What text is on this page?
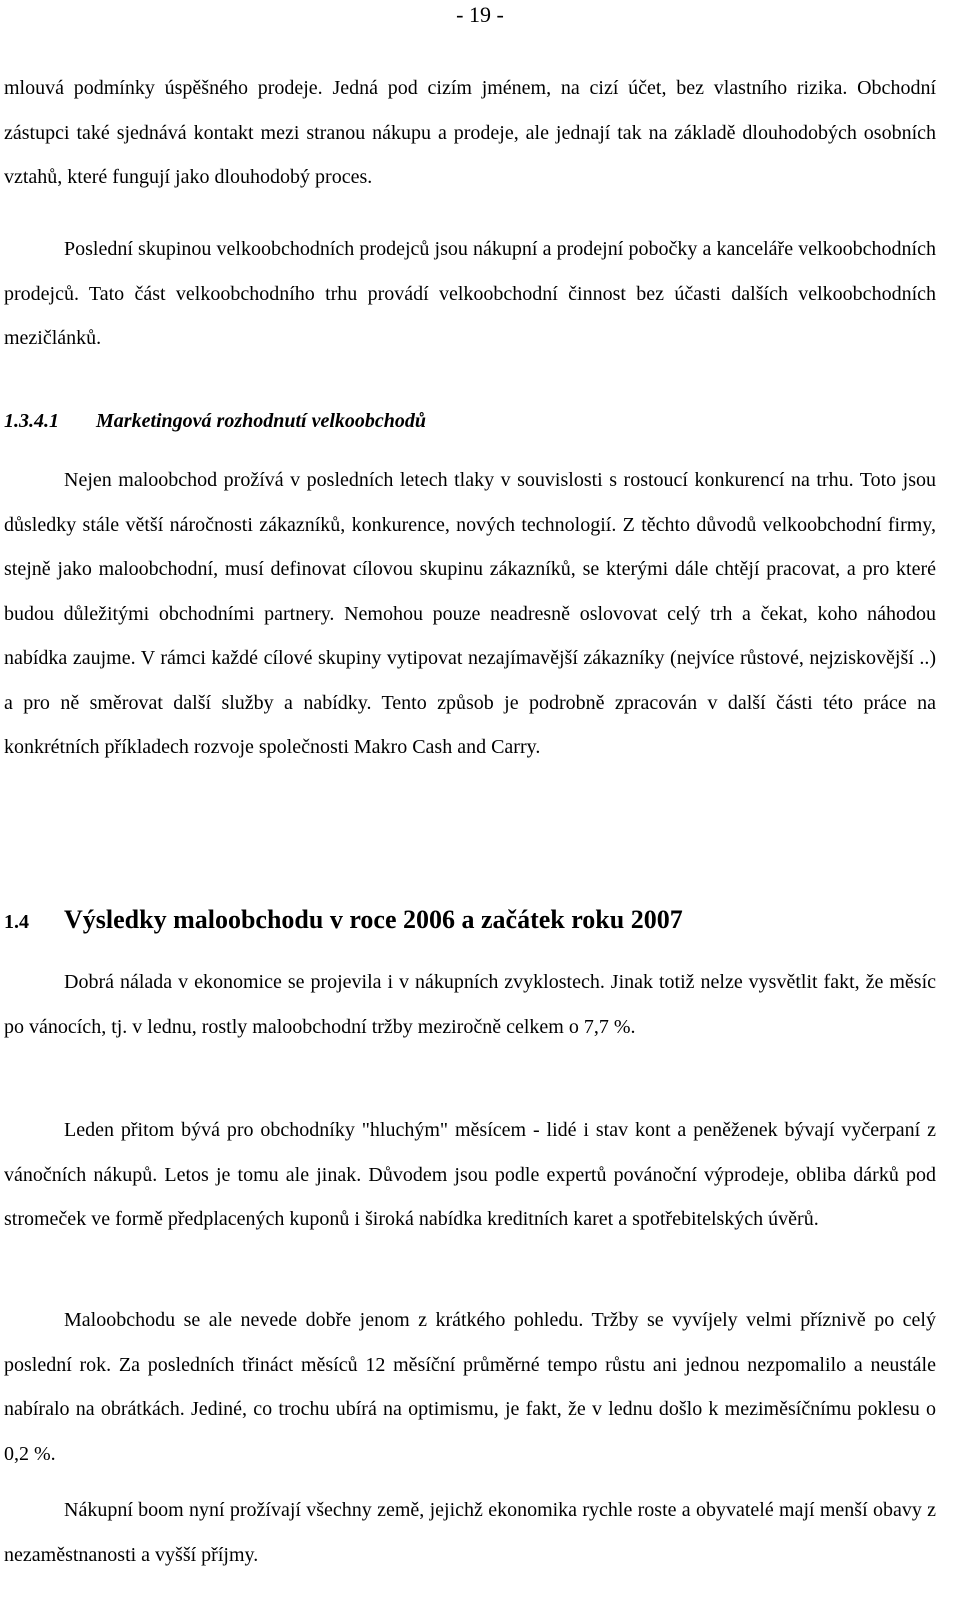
- 19 -

mlouvá podmínky úspěšného prodeje. Jedná pod cizím jménem, na cizí účet, bez vlastního rizika. Obchodní zástupci také sjednává kontakt mezi stranou nákupu a prodeje, ale jednají tak na základě dlouhodobých osobních vztahů, které fungují jako dlouhodobý proces.

Poslední skupinou velkoobchodních prodejců jsou nákupní a prodejní pobočky a kanceláře velkoobchodních prodejců. Tato část velkoobchodního trhu provádí velkoobchodní činnost bez účasti dalších velkoobchodních mezičlánků.

1.3.4.1 Marketingová rozhodnutí velkoobchodů

Nejen maloobchod prožívá v posledních letech tlaky v souvislosti s rostoucí konkurencí na trhu. Toto jsou důsledky stále větší náročnosti zákazníků, konkurence, nových technologií. Z těchto důvodů velkoobchodní firmy, stejně jako maloobchodní, musí definovat cílovou skupinu zákazníků, se kterými dále chtějí pracovat, a pro které budou důležitými obchodními partnery. Nemohou pouze neadresně oslovovat celý trh a čekat, koho náhodou nabídka zaujme. V rámci každé cílové skupiny vytipovat nezajímavější zákazníky (nejvíce růstové, nejziskovější ..) a pro ně směrovat další služby a nabídky. Tento způsob je podrobně zpracován v další části této práce na konkrétních příkladech rozvoje společnosti Makro Cash and Carry.

1.4 Výsledky maloobchodu v roce 2006 a začátek roku 2007

Dobrá nálada v ekonomice se projevila i v nákupních zvyklostech. Jinak totiž nelze vysvětlit fakt, že měsíc po vánocích, tj. v lednu, rostly maloobchodní tržby meziročně celkem o 7,7 %.

Leden přitom bývá pro obchodníky "hluchým" měsícem - lidé i stav kont a peněženek bývají vyčerpaní z vánočních nákupů. Letos je tomu ale jinak. Důvodem jsou podle expertů povánoční výprodeje, obliba dárků pod stromeček ve formě předplacených kuponů i široká nabídka kreditních karet a spotřebitelských úvěrů.

Maloobchodu se ale nevede dobře jenom z krátkého pohledu. Tržby se vyvíjely velmi příznivě po celý poslední rok. Za posledních třináct měsíců 12 měsíční průměrné tempo růstu ani jednou nezpomalilo a neustále nabíralo na obrátkách. Jediné, co trochu ubírá na optimismu, je fakt, že v lednu došlo k meziměsíčnímu poklesu o 0,2 %.

Nákupní boom nyní prožívají všechny země, jejichž ekonomika rychle roste a obyvatelé mají menší obavy z nezaměstnanosti a vyšší příjmy.
